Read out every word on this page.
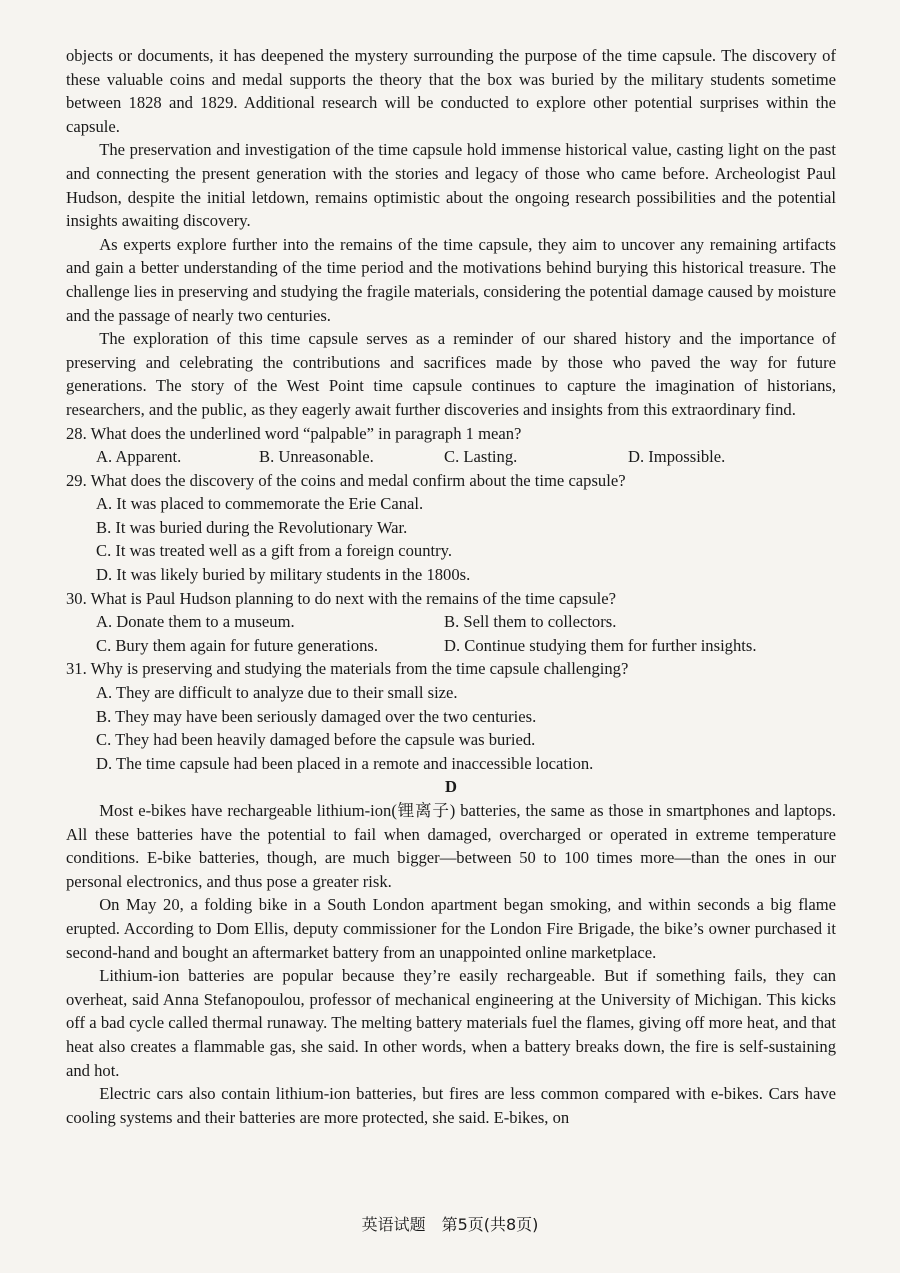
objects or documents, it has deepened the mystery surrounding the purpose of the time capsule. The discovery of these valuable coins and medal supports the theory that the box was buried by the military students sometime between 1828 and 1829. Additional research will be conducted to explore other potential surprises within the capsule.

The preservation and investigation of the time capsule hold immense historical value, casting light on the past and connecting the present generation with the stories and legacy of those who came before. Archeologist Paul Hudson, despite the initial letdown, remains optimistic about the ongoing research possibilities and the potential insights awaiting discovery.

As experts explore further into the remains of the time capsule, they aim to uncover any remaining artifacts and gain a better understanding of the time period and the motivations behind burying this historical treasure. The challenge lies in preserving and studying the fragile materials, considering the potential damage caused by moisture and the passage of nearly two centuries.

The exploration of this time capsule serves as a reminder of our shared history and the importance of preserving and celebrating the contributions and sacrifices made by those who paved the way for future generations. The story of the West Point time capsule continues to capture the imagination of historians, researchers, and the public, as they eagerly await further discoveries and insights from this extraordinary find.

28. What does the underlined word “palpable” in paragraph 1 mean?

A. Apparent.	B. Unreasonable.	C. Lasting.	D. Impossible.

29. What does the discovery of the coins and medal confirm about the time capsule?

A. It was placed to commemorate the Erie Canal.

B. It was buried during the Revolutionary War.

C. It was treated well as a gift from a foreign country.

D. It was likely buried by military students in the 1800s.

30. What is Paul Hudson planning to do next with the remains of the time capsule?

A. Donate them to a museum.	B. Sell them to collectors.
C. Bury them again for future generations.	D. Continue studying them for further insights.

31. Why is preserving and studying the materials from the time capsule challenging?

A. They are difficult to analyze due to their small size.

B. They may have been seriously damaged over the two centuries.

C. They had been heavily damaged before the capsule was buried.

D. The time capsule had been placed in a remote and inaccessible location.

D

Most e-bikes have rechargeable lithium-ion(锂离子) batteries, the same as those in smartphones and laptops. All these batteries have the potential to fail when damaged, overcharged or operated in extreme temperature conditions. E-bike batteries, though, are much bigger—between 50 to 100 times more—than the ones in our personal electronics, and thus pose a greater risk.

On May 20, a folding bike in a South London apartment began smoking, and within seconds a big flame erupted. According to Dom Ellis, deputy commissioner for the London Fire Brigade, the bike’s owner purchased it second-hand and bought an aftermarket battery from an unappointed online marketplace.

Lithium-ion batteries are popular because they’re easily rechargeable. But if something fails, they can overheat, said Anna Stefanopoulou, professor of mechanical engineering at the University of Michigan. This kicks off a bad cycle called thermal runaway. The melting battery materials fuel the flames, giving off more heat, and that heat also creates a flammable gas, she said. In other words, when a battery breaks down, the fire is self-sustaining and hot.

Electric cars also contain lithium-ion batteries, but fires are less common compared with e-bikes. Cars have cooling systems and their batteries are more protected, she said. E-bikes, on

英语试题　第5页(共8页)
